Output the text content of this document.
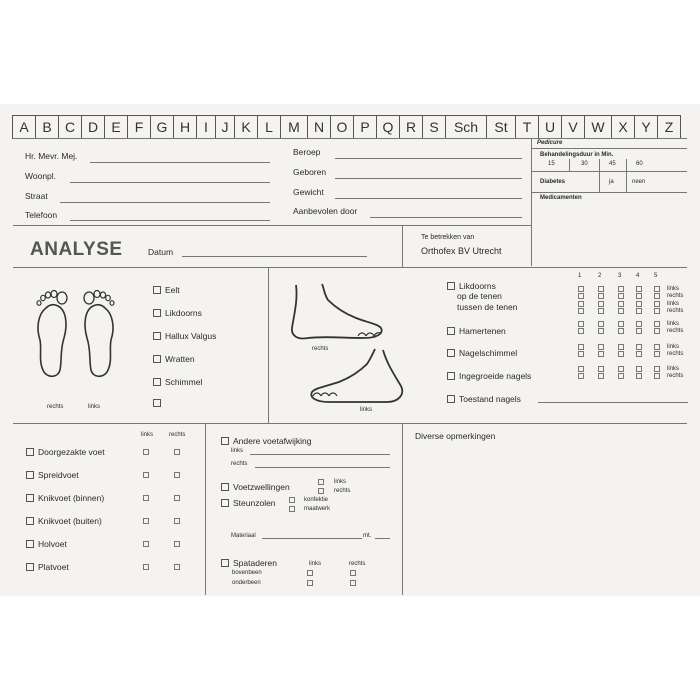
A B C D E	F G H I J K	L	M	N O P Q R S	Sch	St	T U V W X Y	Z
Hr. Mevr. Mej.
Woonpl.
Straat
Telefoon
Beroep
Geboren
Gewicht
Aanbevolen door
Pedicure
Behandelingsduur in Min.
15	30	45	60
Diabetes	ja	neen
Medicamenten
ANALYSE	Datum
Te betrekken van
Orthofex BV Utrecht
rechts	links
Eelt
Likdoorns
Hallux Valgus
Wratten
Schimmel
rechts
links
1	2	3 4 5
Likdoorns
op de tenen
tussen de tenen
Hamertenen
Nagelschimmel
Ingegroeide nagels
Toestand nagels
links
rechts
links
rechts
links
rechts
links
rechts
links
rechts
links	rechts
Andere voetafwijking
links
rechts
Voetzwellingen	links
rechts
Steunzolen	konfektie
maatwerk
Materiaal	mt.
Spataderen	links	rechts
bovenbeen
onderbeen
Diverse opmerkingen
Doorgezakte voet
Spreidvoet
Knikvoet (binnen)
Knikvoet (buiten)
Holvoet
Platvoet
